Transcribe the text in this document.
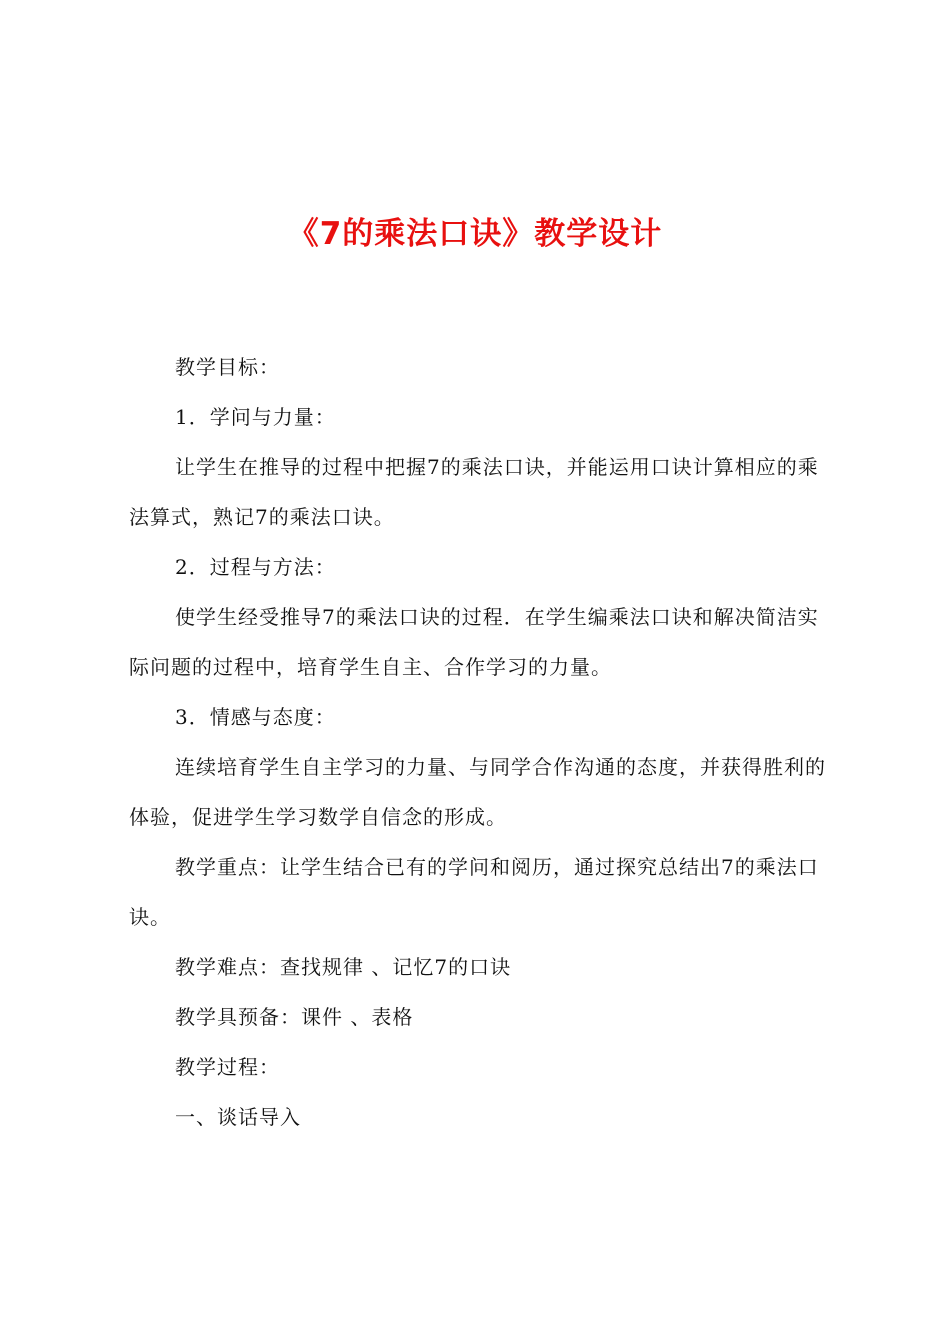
《7的乘法口诀》教学设计

教学目标：

1．学问与力量：

让学生在推导的过程中把握7的乘法口诀，并能运用口诀计算相应的乘法算式，熟记7的乘法口诀。

2．过程与方法：

使学生经受推导7的乘法口诀的过程．在学生编乘法口诀和解决简洁实际问题的过程中，培育学生自主、合作学习的力量。

3．情感与态度：

连续培育学生自主学习的力量、与同学合作沟通的态度，并获得胜利的体验，促进学生学习数学自信念的形成。

教学重点：让学生结合已有的学问和阅历，通过探究总结出7的乘法口诀。

教学难点：查找规律 、记忆7的口诀

教学具预备：课件 、表格

教学过程：

一、谈话导入
